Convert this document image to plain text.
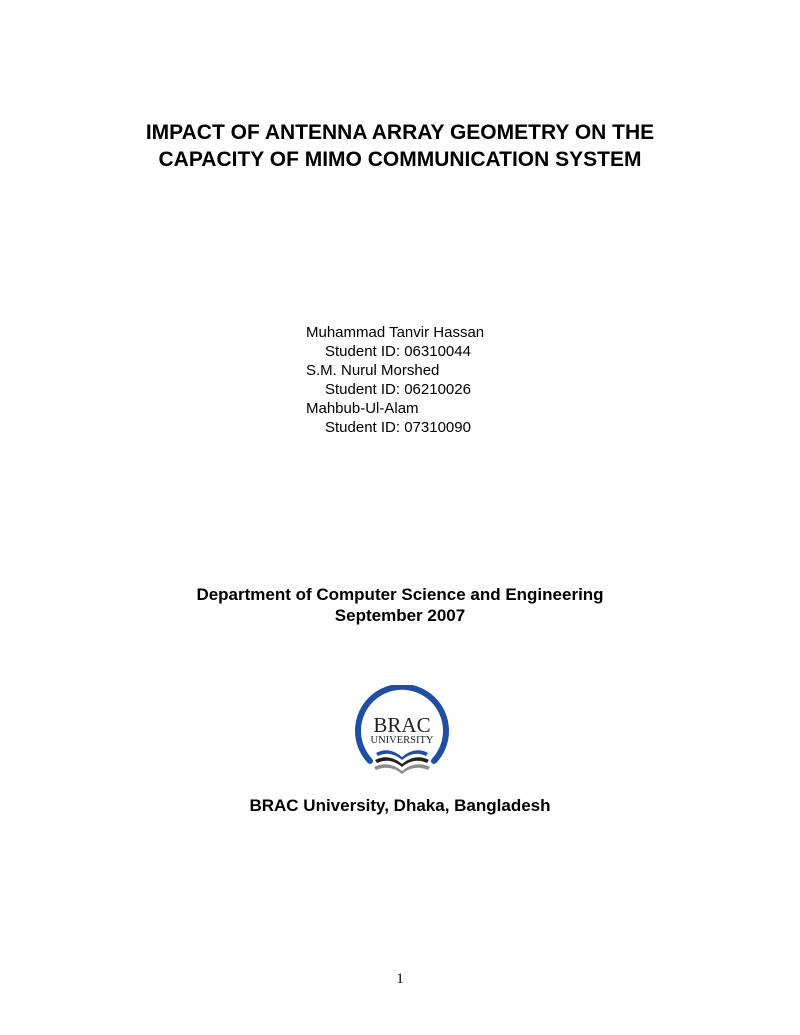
IMPACT OF ANTENNA ARRAY GEOMETRY ON THE
CAPACITY OF MIMO COMMUNICATION SYSTEM
Muhammad Tanvir Hassan
Student ID: 06310044
S.M. Nurul Morshed
Student ID: 06210026
Mahbub-Ul-Alam
Student ID: 07310090
Department of Computer Science and Engineering
September 2007
BRAC
UNIVERSITY
BRAC University, Dhaka, Bangladesh
1
